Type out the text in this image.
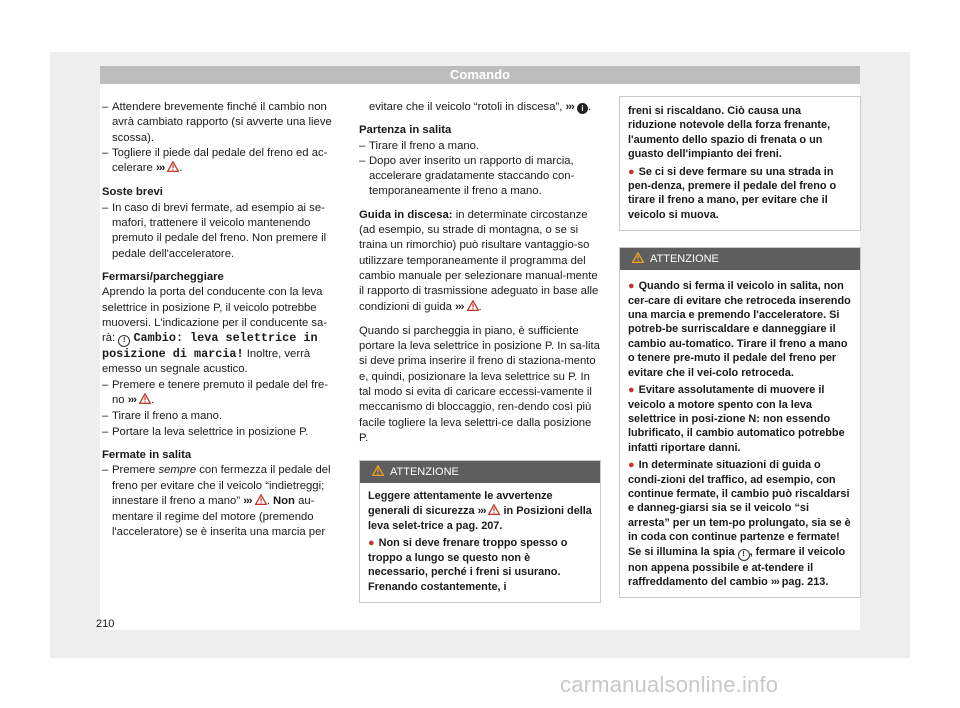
Comando

– Attendere brevemente finché il cambio non avrà cambiato rapporto (si avverte una lieve scossa).

– Togliere il piede dal pedale del freno ed ac-celerare ››› .

Soste brevi

– In caso di brevi fermate, ad esempio ai se-mafori, trattenere il veicolo mantenendo premuto il pedale del freno. Non premere il pedale dell'acceleratore.

Fermarsi/parcheggiare

Aprendo la porta del conducente con la leva selettrice in posizione P, il veicolo potrebbe muoversi. L'indicazione per il conducente sa-rà: ! Cambio: leva selettrice in posizione di marcia! Inoltre, verrà emesso un segnale acustico.

– Premere e tenere premuto il pedale del fre-no ››› .

– Tirare il freno a mano.

– Portare la leva selettrice in posizione P.

Fermate in salita

– Premere sempre con fermezza il pedale del freno per evitare che il veicolo “indietreggi; innestare il freno a mano” ››› . Non au-mentare il regime del motore (premendo l'acceleratore) se è inserita una marcia per

evitare che il veicolo “rotoli in discesa”, ››› i .

Partenza in salita

– Tirare il freno a mano.

– Dopo aver inserito un rapporto di marcia, accelerare gradatamente staccando con-temporaneamente il freno a mano.

Guida in discesa: in determinate circostanze (ad esempio, su strade di montagna, o se si traina un rimorchio) può risultare vantaggio-so utilizzare temporaneamente il programma del cambio manuale per selezionare manual-mente il rapporto di trasmissione adeguato in base alle condizioni di guida ››› .

Quando si parcheggia in piano, è sufficiente portare la leva selettrice in posizione P. In sa-lita si deve prima inserire il freno di staziona-mento e, quindi, posizionare la leva selettrice su P. In tal modo si evita di caricare eccessi-vamente il meccanismo di bloccaggio, ren-dendo così più facile togliere la leva selettri-ce dalla posizione P.

ATTENZIONE

Leggere attentamente le avvertenze generali di sicurezza ››› in Posizioni della leva selet-trice a pag. 207.

● Non si deve frenare troppo spesso o troppo a lungo se questo non è necessario, perché i freni si usurano. Frenando costantemente, i

freni si riscaldano. Ciò causa una riduzione notevole della forza frenante, l'aumento dello spazio di frenata o un guasto dell'impianto dei freni.

● Se ci si deve fermare su una strada in pen-denza, premere il pedale del freno o tirare il freno a mano, per evitare che il veicolo si muova.

ATTENZIONE

● Quando si ferma il veicolo in salita, non cer-care di evitare che retroceda inserendo una marcia e premendo l'acceleratore. Si potreb-be surriscaldare e danneggiare il cambio au-tomatico. Tirare il freno a mano o tenere pre-muto il pedale del freno per evitare che il vei-colo retroceda.

● Evitare assolutamente di muovere il veicolo a motore spento con la leva selettrice in posi-zione N: non essendo lubrificato, il cambio automatico potrebbe infatti riportare danni.

● In determinate situazioni di guida o condi-zioni del traffico, ad esempio, con continue fermate, il cambio può riscaldarsi e danneg-giarsi sia se il veicolo “si arresta” per un tem-po prolungato, sia se è in coda con continue partenze e fermate! Se si illumina la spia ! , fermare il veicolo non appena possibile e at-tendere il raffreddamento del cambio ››› pag. 213.

210
carmanualsonline.info
